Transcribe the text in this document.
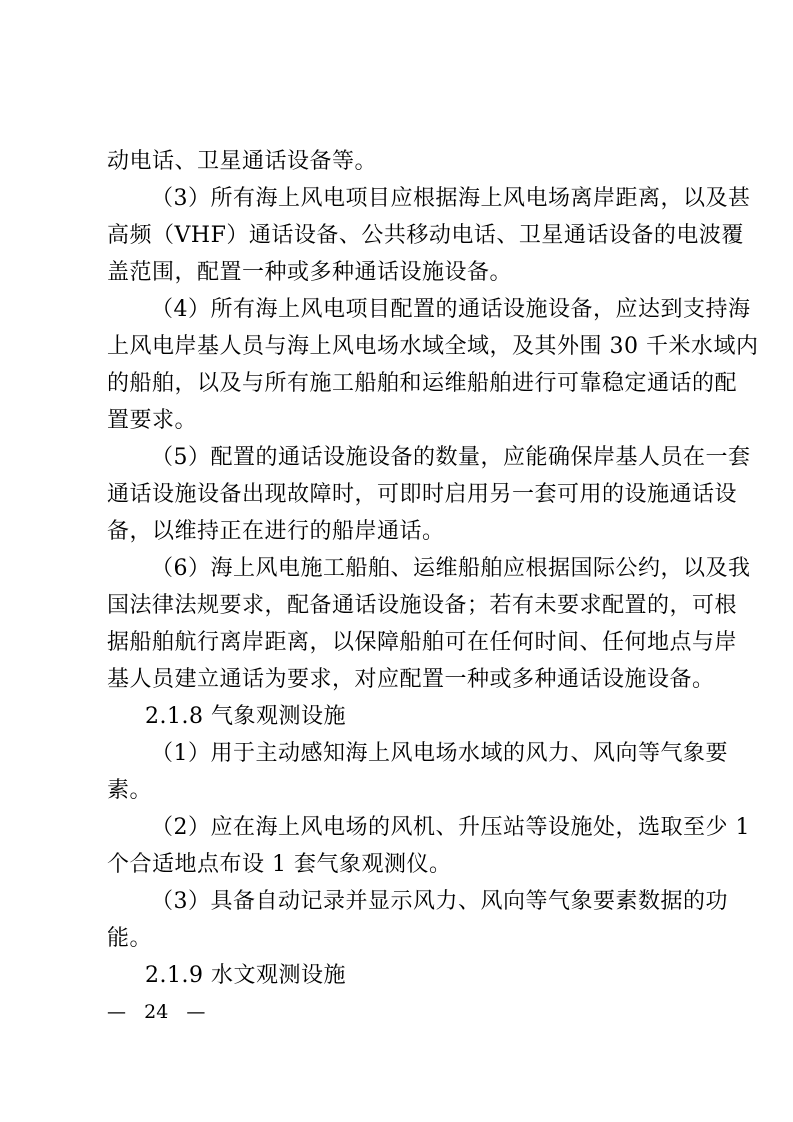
动电话、卫星通话设备等。
（3）所有海上风电项目应根据海上风电场离岸距离，以及甚
高频（VHF）通话设备、公共移动电话、卫星通话设备的电波覆
盖范围，配置一种或多种通话设施设备。
（4）所有海上风电项目配置的通话设施设备，应达到支持海
上风电岸基人员与海上风电场水域全域，及其外围 30 千米水域内
的船舶，以及与所有施工船舶和运维船舶进行可靠稳定通话的配
置要求。
（5）配置的通话设施设备的数量，应能确保岸基人员在一套
通话设施设备出现故障时，可即时启用另一套可用的设施通话设
备，以维持正在进行的船岸通话。
（6）海上风电施工船舶、运维船舶应根据国际公约，以及我
国法律法规要求，配备通话设施设备；若有未要求配置的，可根
据船舶航行离岸距离，以保障船舶可在任何时间、任何地点与岸
基人员建立通话为要求，对应配置一种或多种通话设施设备。
2.1.8 气象观测设施
（1）用于主动感知海上风电场水域的风力、风向等气象要
素。
（2）应在海上风电场的风机、升压站等设施处，选取至少 1
个合适地点布设 1 套气象观测仪。
（3）具备自动记录并显示风力、风向等气象要素数据的功
能。
2.1.9 水文观测设施
—   24   —
